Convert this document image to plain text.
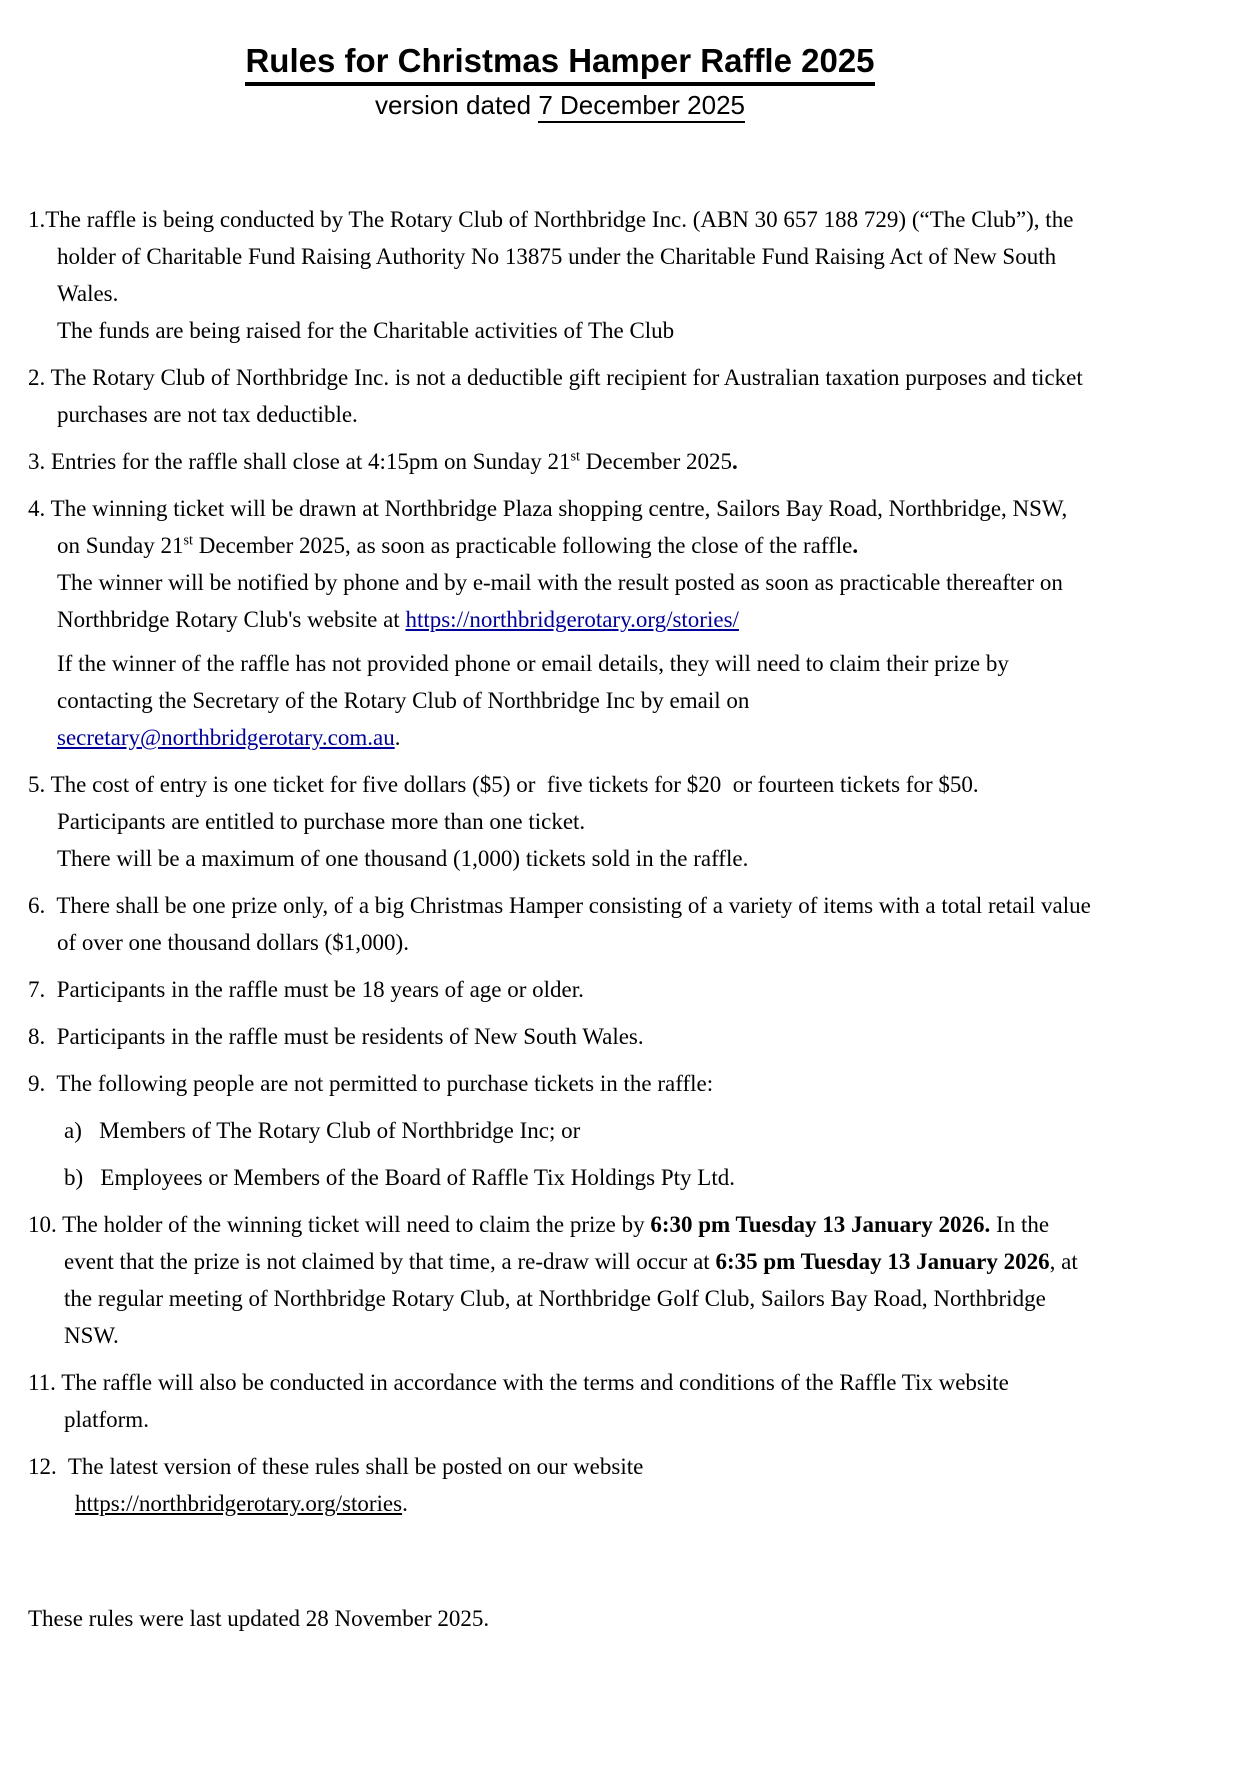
Rules for Christmas Hamper Raffle 2025
version dated 7 December 2025

1.The raffle is being conducted by The Rotary Club of Northbridge Inc. (ABN 30 657 188 729) (“The Club”), the holder of Charitable Fund Raising Authority No 13875 under the Charitable Fund Raising Act of New South Wales.

The funds are being raised for the Charitable activities of The Club

2. The Rotary Club of Northbridge Inc. is not a deductible gift recipient for Australian taxation purposes and ticket purchases are not tax deductible.

3. Entries for the raffle shall close at 4:15pm on Sunday 21st December 2025.

4. The winning ticket will be drawn at Northbridge Plaza shopping centre, Sailors Bay Road, Northbridge, NSW, on Sunday 21st December 2025, as soon as practicable following the close of the raffle.

The winner will be notified by phone and by e-mail with the result posted as soon as practicable thereafter on Northbridge Rotary Club's website at https://northbridgerotary.org/stories/

If the winner of the raffle has not provided phone or email details, they will need to claim their prize by contacting the Secretary of the Rotary Club of Northbridge Inc by email on secretary@northbridgerotary.com.au.

5. The cost of entry is one ticket for five dollars ($5) or  five tickets for $20  or fourteen tickets for $50.

Participants are entitled to purchase more than one ticket.

There will be a maximum of one thousand (1,000) tickets sold in the raffle.

6.  There shall be one prize only, of a big Christmas Hamper consisting of a variety of items with a total retail value of over one thousand dollars ($1,000).

7.  Participants in the raffle must be 18 years of age or older.

8.  Participants in the raffle must be residents of New South Wales.

9.  The following people are not permitted to purchase tickets in the raffle:

a)   Members of The Rotary Club of Northbridge Inc; or

b)   Employees or Members of the Board of Raffle Tix Holdings Pty Ltd.

10. The holder of the winning ticket will need to claim the prize by 6:30 pm Tuesday 13 January 2026. In the event that the prize is not claimed by that time, a re-draw will occur at 6:35 pm Tuesday 13 January 2026, at the regular meeting of Northbridge Rotary Club, at Northbridge Golf Club, Sailors Bay Road, Northbridge NSW.

11. The raffle will also be conducted in accordance with the terms and conditions of the Raffle Tix website platform.

12.  The latest version of these rules shall be posted on our website

https://northbridgerotary.org/stories.

These rules were last updated 28 November 2025.
